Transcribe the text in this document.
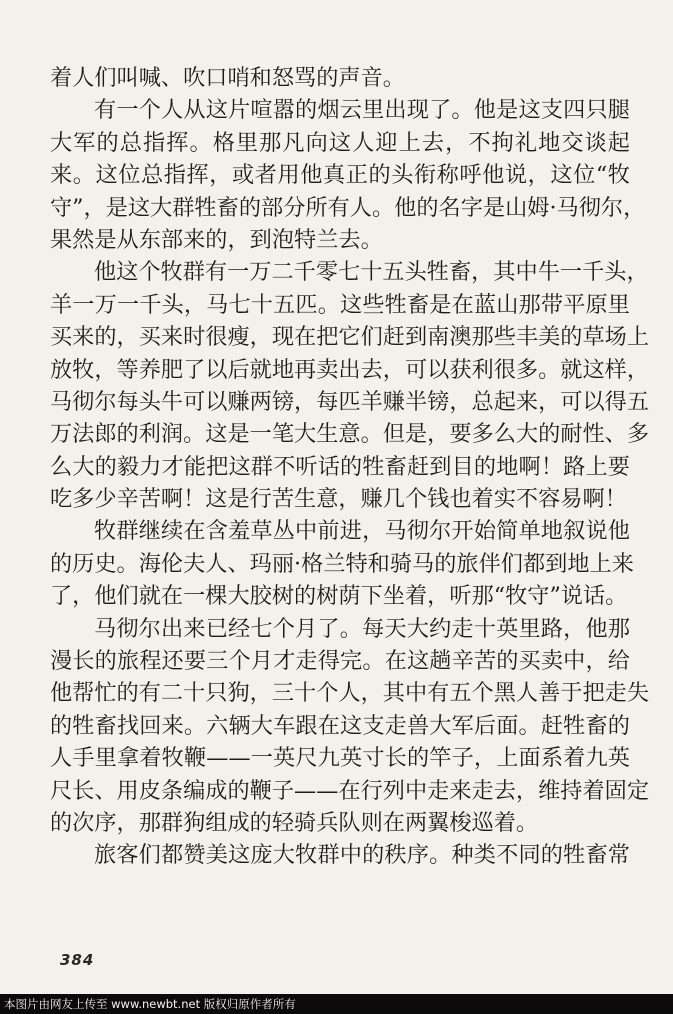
着人们叫喊、吹口哨和怒骂的声音。
有一个人从这片喧嚣的烟云里出现了。他是这支四只腿
大军的总指挥。格里那凡向这人迎上去，不拘礼地交谈起
来。这位总指挥，或者用他真正的头衔称呼他说，这位“牧
守”，是这大群牲畜的部分所有人。他的名字是山姆·马彻尔，
果然是从东部来的，到泡特兰去。
他这个牧群有一万二千零七十五头牲畜，其中牛一千头，
羊一万一千头，马七十五匹。这些牲畜是在蓝山那带平原里
买来的，买来时很瘦，现在把它们赶到南澳那些丰美的草场上
放牧，等养肥了以后就地再卖出去，可以获利很多。就这样，
马彻尔每头牛可以赚两镑，每匹羊赚半镑，总起来，可以得五
万法郎的利润。这是一笔大生意。但是，要多么大的耐性、多
么大的毅力才能把这群不听话的牲畜赶到目的地啊！路上要
吃多少辛苦啊！这是行苦生意，赚几个钱也着实不容易啊！
牧群继续在含羞草丛中前进，马彻尔开始简单地叙说他
的历史。海伦夫人、玛丽·格兰特和骑马的旅伴们都到地上来
了，他们就在一棵大胶树的树荫下坐着，听那“牧守”说话。
马彻尔出来已经七个月了。每天大约走十英里路，他那
漫长的旅程还要三个月才走得完。在这趟辛苦的买卖中，给
他帮忙的有二十只狗，三十个人，其中有五个黑人善于把走失
的牲畜找回来。六辆大车跟在这支走兽大军后面。赶牲畜的
人手里拿着牧鞭——一英尺九英寸长的竿子，上面系着九英
尺长、用皮条编成的鞭子——在行列中走来走去，维持着固定
的次序，那群狗组成的轻骑兵队则在两翼梭巡着。
旅客们都赞美这庞大牧群中的秩序。种类不同的牲畜常
384
本图片由网友上传至 www.newbt.net 版权归原作者所有
